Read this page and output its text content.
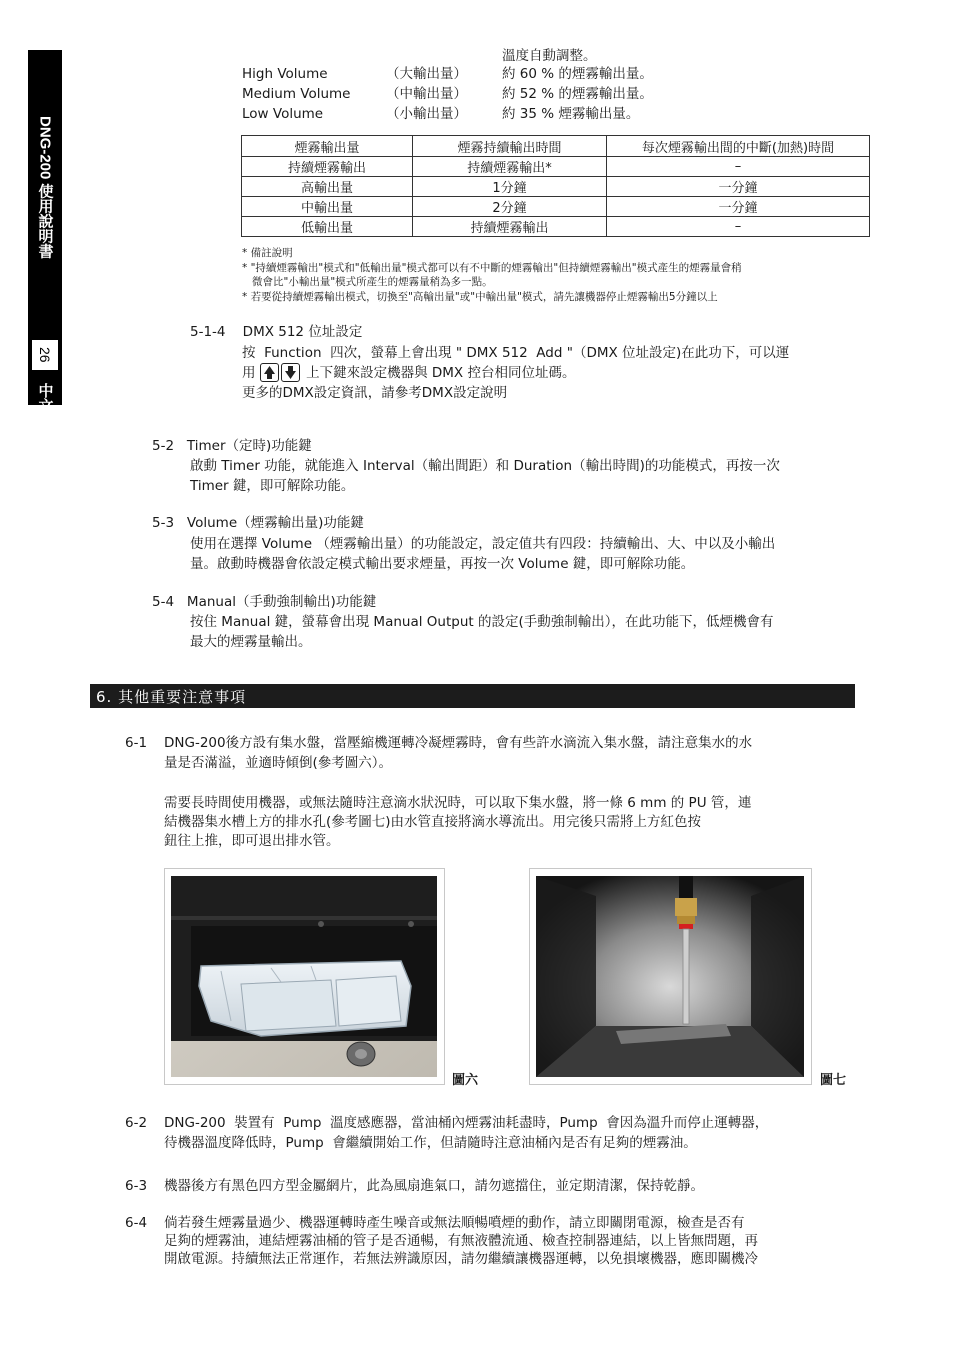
DNG-200 使用說明書
26
中文
溫度自動調整。
High Volume	（大輸出量）	約 60 % 的煙霧輸出量。
Medium Volume	（中輸出量）	約 52 % 的煙霧輸出量。
Low Volume	（小輸出量）	約 35 % 煙霧輸出量。
煙霧輸出量	煙霧持續輸出時間	每次煙霧輸出間的中斷(加熱)時間
持續煙霧輸出	持續煙霧輸出*	–
高輸出量	1分鐘	一分鐘
中輸出量	2分鐘	一分鐘
低輸出量	持續煙霧輸出	–
* 備註說明
* "持續煙霧輸出"模式和"低輸出量"模式都可以有不中斷的煙霧輸出"但持續煙霧輸出"模式產生的煙霧量會稍
微會比"小輸出量"模式所產生的煙霧量稍為多一點。
* 若要從持續煙霧輸出模式，切換至"高輸出量"或"中輸出量"模式，請先讓機器停止煙霧輸出5分鐘以上
5-1-4    DMX 512 位址設定
按  Function  四次，螢幕上會出現 " DMX 512  Add "（DMX 位址設定)在此功下，可以運
用	上下鍵來設定機器與 DMX 控台相同位址碼。
更多的DMX設定資訊，請參考DMX設定說明
5-2   Timer（定時)功能鍵
啟動 Timer 功能，就能進入 Interval（輸出間距）和 Duration（輸出時間)的功能模式，再按一次
Timer 鍵，即可解除功能。
5-3   Volume（煙霧輸出量)功能鍵
使用在選擇 Volume （煙霧輸出量）的功能設定，設定值共有四段：持續輸出、大、中以及小輸出
量。啟動時機器會依設定模式輸出要求煙量，再按一次 Volume 鍵，即可解除功能。
5-4   Manual（手動強制輸出)功能鍵
按住 Manual 鍵，螢幕會出現 Manual Output 的設定(手動強制輸出），在此功能下，低煙機會有
最大的煙霧量輸出。
6. 其他重要注意事項
6-1 DNG-200後方設有集水盤，當壓縮機運轉冷凝煙霧時，會有些許水滴流入集水盤，請注意集水的水
量是否滿溢，並適時傾倒(參考圖六）。
需要長時間使用機器，或無法隨時注意滴水狀況時，可以取下集水盤，將一條 6 mm 的 PU 管，連
結機器集水槽上方的排水孔(參考圖七)由水管直接將滴水導流出。用完後只需將上方紅色按
鈕往上推，即可退出排水管。
圖六	圖七
6-2 DNG-200  裝置有  Pump  溫度感應器，當油桶內煙霧油耗盡時，Pump  會因為溫升而停止運轉器，
待機器溫度降低時，Pump  會繼續開始工作，但請隨時注意油桶內是否有足夠的煙霧油。
6-3 機器後方有黑色四方型金屬網片，此為風扇進氣口，請勿遮擋住，並定期清潔，保持乾靜。
6-4 倘若發生煙霧量過少、機器運轉時產生噪音或無法順暢噴煙的動作，請立即關閉電源，檢查是否有
足夠的煙霧油，連結煙霧油桶的管子是否通暢，有無液體流通、檢查控制器連結，以上皆無問題，再
開啟電源。持續無法正常運作，若無法辨識原因，請勿繼續讓機器運轉，以免損壞機器，應即關機冷
